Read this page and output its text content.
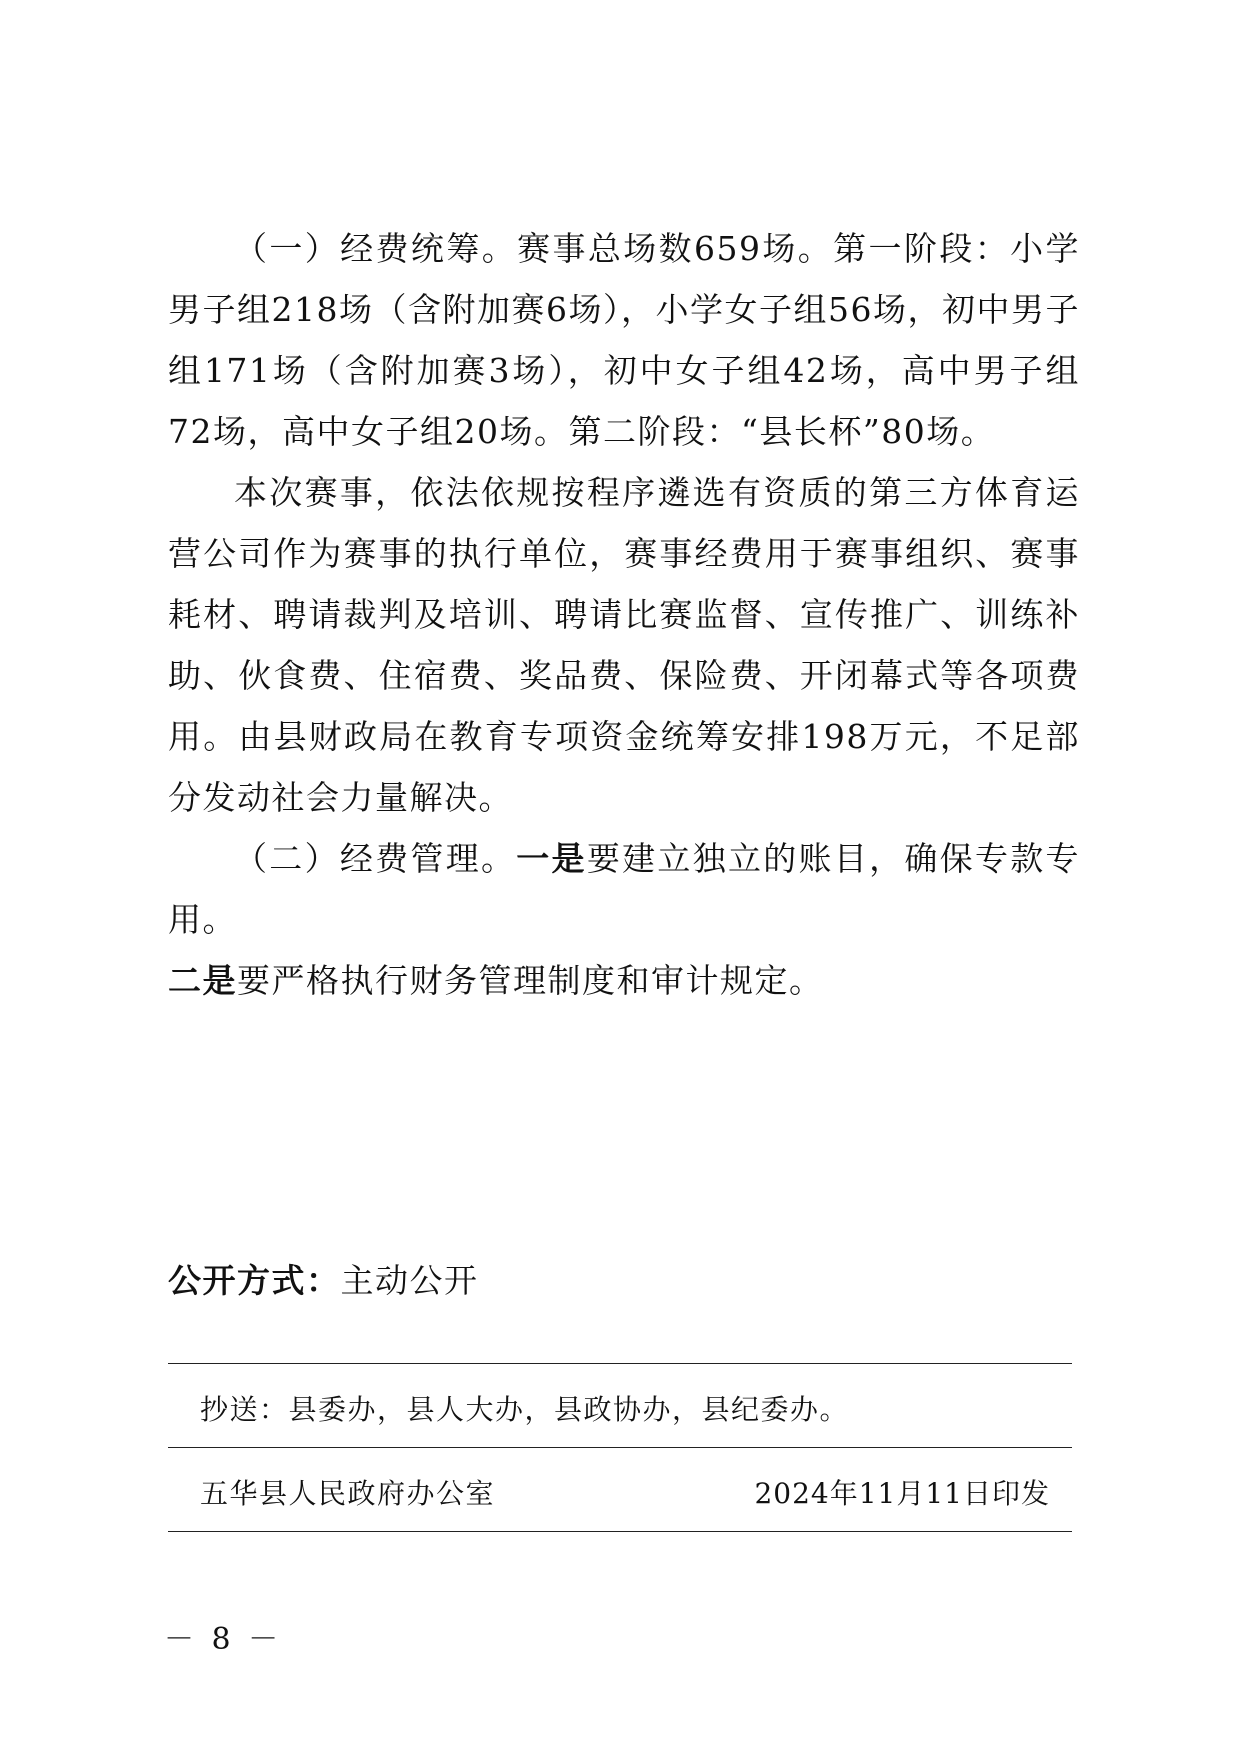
（一）经费统筹。赛事总场数659场。第一阶段：小学男子组218场（含附加赛6场），小学女子组56场，初中男子组171场（含附加赛3场），初中女子组42场，高中男子组72场，高中女子组20场。第二阶段：“县长杯”80场。

本次赛事，依法依规按程序遴选有资质的第三方体育运营公司作为赛事的执行单位，赛事经费用于赛事组织、赛事耗材、聘请裁判及培训、聘请比赛监督、宣传推广、训练补助、伙食费、住宿费、奖品费、保险费、开闭幕式等各项费用。由县财政局在教育专项资金统筹安排198万元，不足部分发动社会力量解决。

（二）经费管理。一是要建立独立的账目，确保专款专用。
二是要严格执行财务管理制度和审计规定。

公开方式：主动公开
抄送：县委办，县人大办，县政协办，县纪委办。
五华县人民政府办公室	2024年11月11日印发
－ 8 －
